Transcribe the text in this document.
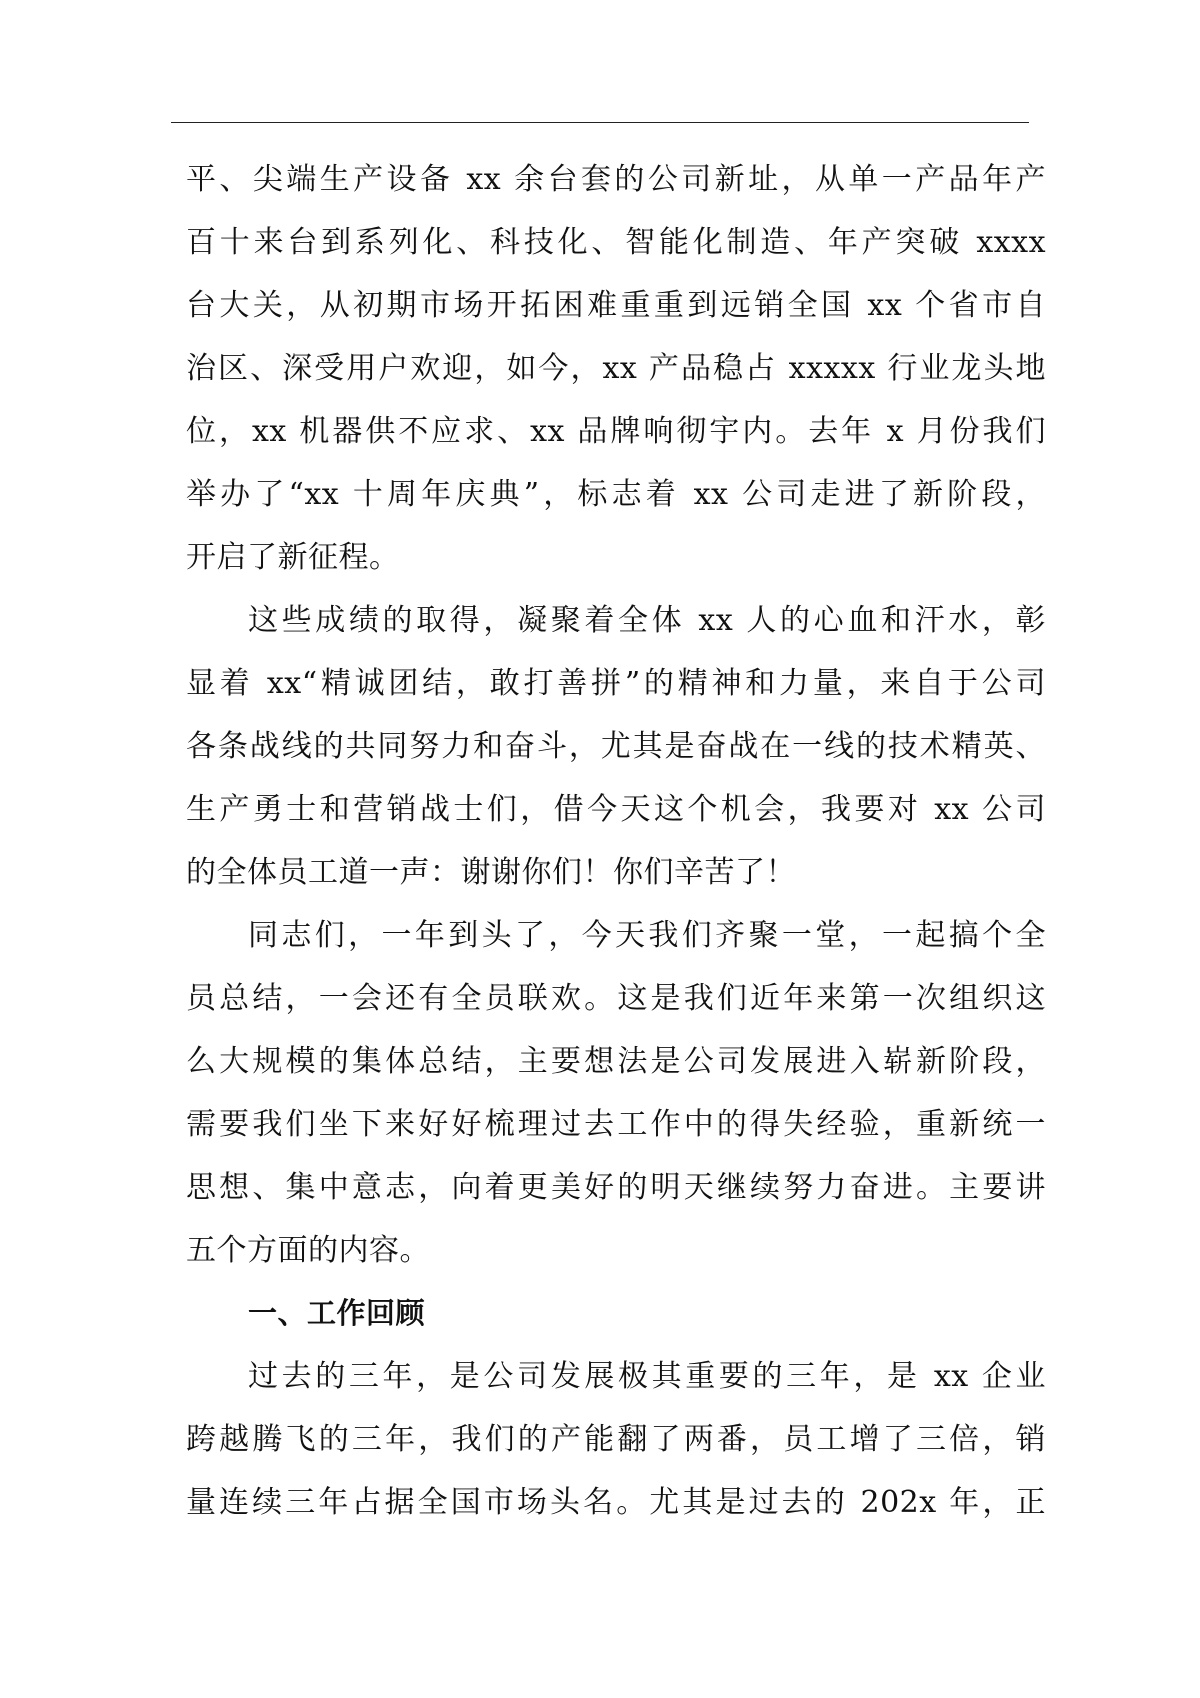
平、尖端生产设备 xx 余台套的公司新址，从单一产品年产
百十来台到系列化、科技化、智能化制造、年产突破 xxxx
台大关，从初期市场开拓困难重重到远销全国 xx 个省市自
治区、深受用户欢迎，如今，xx 产品稳占 xxxxx 行业龙头地
位，xx 机器供不应求、xx 品牌响彻宇内。去年 x 月份我们
举办了“xx 十周年庆典”，标志着 xx 公司走进了新阶段，
开启了新征程。
这些成绩的取得，凝聚着全体 xx 人的心血和汗水，彰
显着 xx“精诚团结，敢打善拼”的精神和力量，来自于公司
各条战线的共同努力和奋斗，尤其是奋战在一线的技术精英、
生产勇士和营销战士们，借今天这个机会，我要对 xx 公司
的全体员工道一声：谢谢你们！你们辛苦了！
同志们，一年到头了，今天我们齐聚一堂，一起搞个全
员总结，一会还有全员联欢。这是我们近年来第一次组织这
么大规模的集体总结，主要想法是公司发展进入崭新阶段，
需要我们坐下来好好梳理过去工作中的得失经验，重新统一
思想、集中意志，向着更美好的明天继续努力奋进。主要讲
五个方面的内容。
一、工作回顾
过去的三年，是公司发展极其重要的三年，是 xx 企业
跨越腾飞的三年，我们的产能翻了两番，员工增了三倍，销
量连续三年占据全国市场头名。尤其是过去的 202x 年，正
